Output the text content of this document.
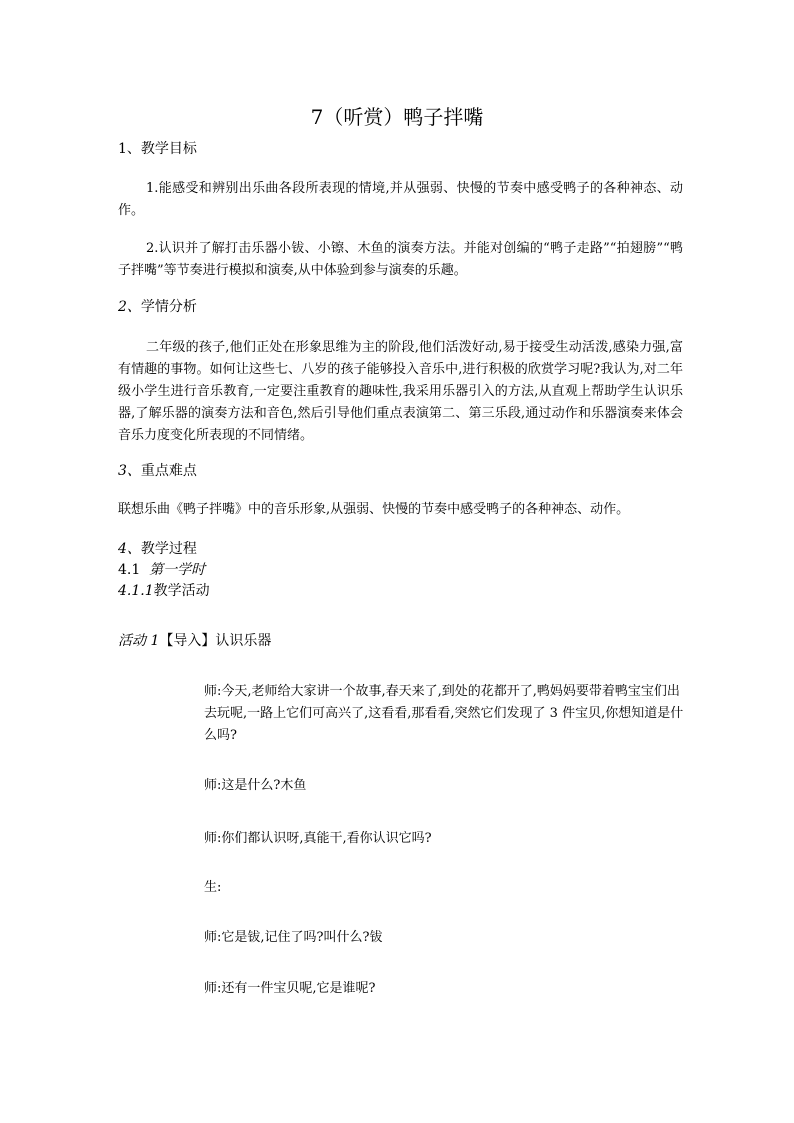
7（听赏）鸭子拌嘴
1、教学目标
1.能感受和辨别出乐曲各段所表现的情境,并从强弱、快慢的节奏中感受鸭子的各种神态、动作。
2.认识并了解打击乐器小钹、小镲、木鱼的演奏方法。并能对创编的“鸭子走路”“拍翅膀”“鸭子拌嘴”等节奏进行模拟和演奏,从中体验到参与演奏的乐趣。
2、学情分析
二年级的孩子,他们正处在形象思维为主的阶段,他们活泼好动,易于接受生动活泼,感染力强,富有情趣的事物。如何让这些七、八岁的孩子能够投入音乐中,进行积极的欣赏学习呢?我认为,对二年级小学生进行音乐教育,一定要注重教育的趣味性,我采用乐器引入的方法,从直观上帮助学生认识乐器,了解乐器的演奏方法和音色,然后引导他们重点表演第二、第三乐段,通过动作和乐器演奏来体会音乐力度变化所表现的不同情绪。
3、重点难点
联想乐曲《鸭子拌嘴》中的音乐形象,从强弱、快慢的节奏中感受鸭子的各种神态、动作。
4、教学过程
4.1 第一学时
4.1.1教学活动
活动 1【导入】认识乐器
师:今天,老师给大家讲一个故事,春天来了,到处的花都开了,鸭妈妈要带着鸭宝宝们出去玩呢,一路上它们可高兴了,这看看,那看看,突然它们发现了 3 件宝贝,你想知道是什么吗?
师:这是什么?木鱼
师:你们都认识呀,真能干,看你认识它吗?
生:
师:它是钹,记住了吗?叫什么?钹
师:还有一件宝贝呢,它是谁呢?
